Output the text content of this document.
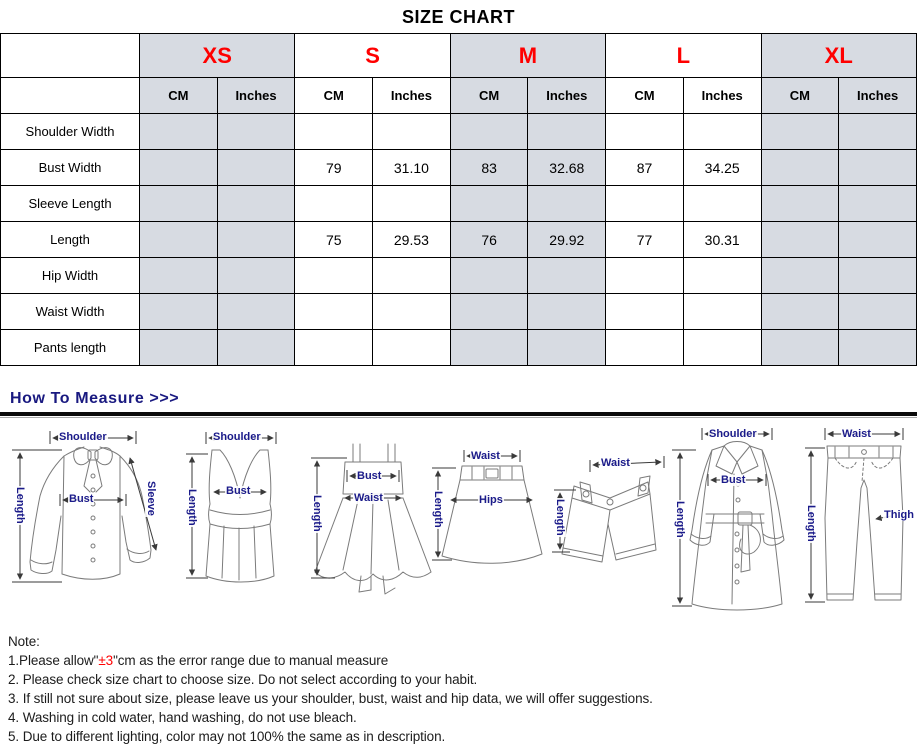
SIZE CHART
	XS		S		M		L		XL	
	CM	Inches	CM	Inches	CM	Inches	CM	Inches	CM	Inches
Shoulder Width										
Bust Width			79	31.10	83	32.68	87	34.25		
Sleeve Length										
Length			75	29.53	76	29.92	77	30.31		
Hip Width										
Waist Width										
Pants length										
How To Measure >>>
Shoulder
Length	Bust	Sleeve
Shoulder
Length	Bust
Bust
Waist
Length
Waist
Hips
Length
Waist
Length
Shoulder
Bust
Length
Waist
Thigh
Length
Note:
1.Please allow"±3"cm as the error range due to manual measure
2. Please check size chart to choose size. Do not select according to your habit.
3. If still not sure about size, please leave us your shoulder, bust, waist and hip data, we will offer suggestions.
4. Washing in cold water, hand washing, do not use bleach.
5. Due to different lighting, color may not 100% the same as in description.
